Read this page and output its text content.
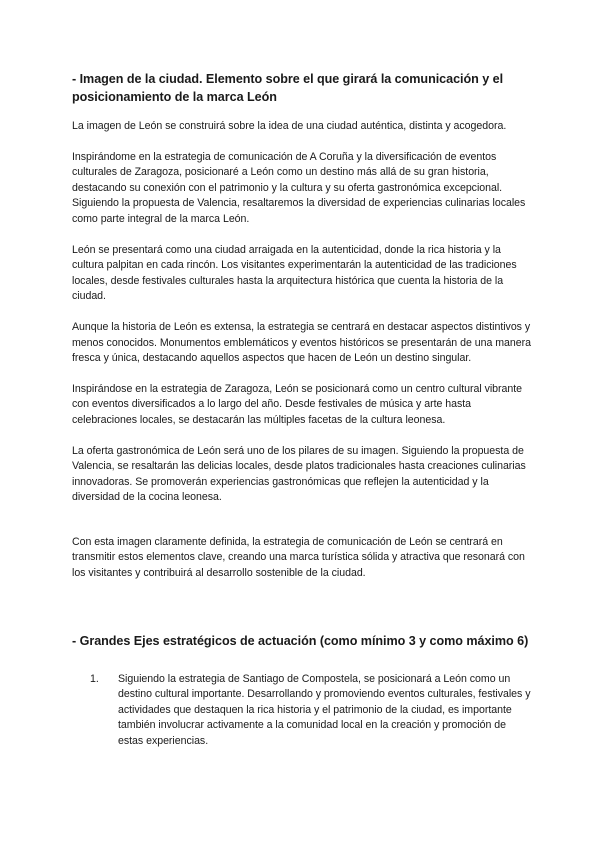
- Imagen de la ciudad. Elemento sobre el que girará la comunicación y el posicionamiento de la marca León

La imagen de León se construirá sobre la idea de una ciudad auténtica, distinta y acogedora.

Inspirándome en la estrategia de comunicación de A Coruña y la diversificación de eventos culturales de Zaragoza, posicionaré a León como un destino más allá de su gran historia, destacando su conexión con el patrimonio y la cultura y su oferta gastronómica excepcional. Siguiendo la propuesta de Valencia, resaltaremos la diversidad de experiencias culinarias locales como parte integral de la marca León.

León se presentará como una ciudad arraigada en la autenticidad, donde la rica historia y la cultura palpitan en cada rincón. Los visitantes experimentarán la autenticidad de las tradiciones locales, desde festivales culturales hasta la arquitectura histórica que cuenta la historia de la ciudad.

Aunque la historia de León es extensa, la estrategia se centrará en destacar aspectos distintivos y menos conocidos. Monumentos emblemáticos y eventos históricos se presentarán de una manera fresca y única, destacando aquellos aspectos que hacen de León un destino singular.

Inspirándose en la estrategia de Zaragoza, León se posicionará como un centro cultural vibrante con eventos diversificados a lo largo del año. Desde festivales de música y arte hasta celebraciones locales, se destacarán las múltiples facetas de la cultura leonesa.

La oferta gastronómica de León será uno de los pilares de su imagen. Siguiendo la propuesta de Valencia, se resaltarán las delicias locales, desde platos tradicionales hasta creaciones culinarias innovadoras. Se promoverán experiencias gastronómicas que reflejen la autenticidad y la diversidad de la cocina leonesa.

Con esta imagen claramente definida, la estrategia de comunicación de León se centrará en transmitir estos elementos clave, creando una marca turística sólida y atractiva que resonará con los visitantes y contribuirá al desarrollo sostenible de la ciudad.

- Grandes Ejes estratégicos de actuación (como mínimo 3 y como máximo 6)
1. Siguiendo la estrategia de Santiago de Compostela, se posicionará a León como un destino cultural importante. Desarrollando y promoviendo eventos culturales, festivales y actividades que destaquen la rica historia y el patrimonio de la ciudad, es importante también involucrar activamente a la comunidad local en la creación y promoción de estas experiencias.
